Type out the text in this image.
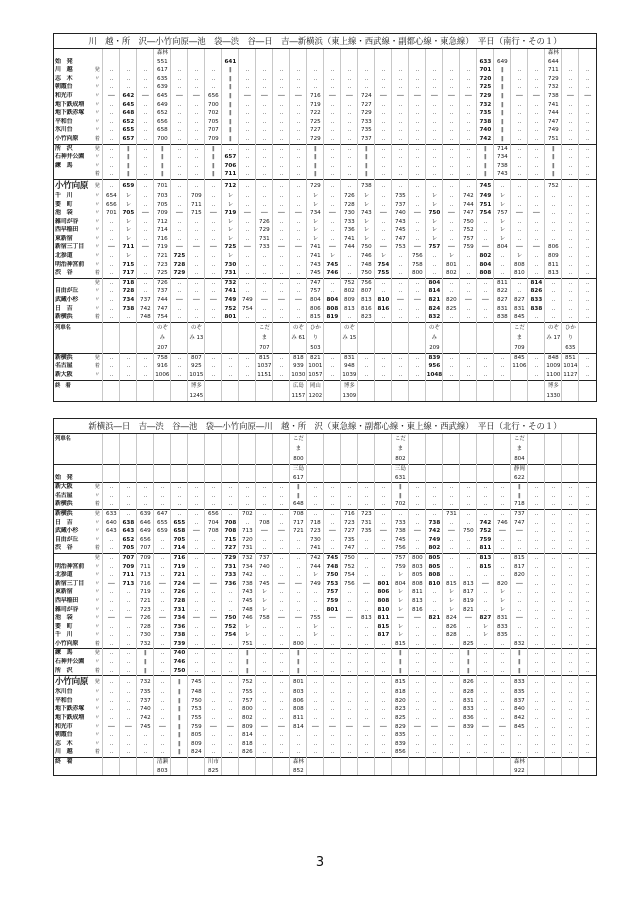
川　越・所　沢―小竹向原―池　袋―渋　谷―日　吉―新横浜（東上線・西武線・副都心線・東急線）　平日（南行・その１）
					森林																							森林		
始　発					551				641															633	649			644		
川　越	発	‥	‥	‥	617	‥	‥	‥	‖	‥	‥	‥	‥	‥	‥	‥	‥	‥	‥	‥	‥	‥	‥	701	‖	‥	‥	711	‥	‥
志　木	〃	‥	‥	‥	635	‥	‥	‥	‖	‥	‥	‥	‥	‥	‥	‥	‥	‥	‥	‥	‥	‥	‥	720	‖	‥	‥	729	‥	‥
朝霞台	〃	‥	‥	‥	639	‥	‥	‥	‖	‥	‥	‥	‥	‥	‥	‥	‥	‥	‥	‥	‥	‥	‥	725	‖	‥	‥	732	‥	‥
和光市	〃	──	642	──	645	──	──	656	‖	──	──	──	──	716	──	──	724	──	──	──	──	──	──	729	‖	──	──	738	──	──
地下鉄成増	〃	‥	645	‥	649	‥	‥	700	‖	‥	‥	‥	‥	719	‥	‥	727	‥	‥	‥	‥	‥	‥	732	‖	‥	‥	741	‥	‥
地下鉄赤塚	〃	‥	648	‥	652	‥	‥	702	‖	‥	‥	‥	‥	722	‥	‥	729	‥	‥	‥	‥	‥	‥	735	‖	‥	‥	744	‥	‥
平和台	〃	‥	652	‥	656	‥	‥	705	‖	‥	‥	‥	‥	725	‥	‥	733	‥	‥	‥	‥	‥	‥	738	‖	‥	‥	747	‥	‥
氷川台	〃	‥	655	‥	658	‥	‥	707	‖	‥	‥	‥	‥	727	‥	‥	735	‥	‥	‥	‥	‥	‥	740	‖	‥	‥	749	‥	‥
小竹向原	着	‥	657	‥	700	‥	‥	709	‖	‥	‥	‥	‥	729	‥	‥	737	‥	‥	‥	‥	‥	‥	742	‖	‥	‥	751	‥	‥
所　沢	発	‥	‖	‥	‖	‥	‥	‖	‥	‥	‥	‥	‥	‖	‥	‥	‖	‥	‥	‥	‥	‥	‥	‖	714	‥	‥	‖	‥	‥
石神井公園	〃	‥	‖	‥	‖	‥	‥	‖	657	‥	‥	‥	‥	‖	‥	‥	‖	‥	‥	‥	‥	‥	‥	‖	734	‥	‥	‖	‥	‥
練　馬	〃	‥	‖	‥	‖	‥	‥	‖	706	‥	‥	‥	‥	‖	‥	‥	‖	‥	‥	‥	‥	‥	‥	‖	738	‥	‥	‖	‥	‥
	着	‥	‖	‥	‖	‥	‥	‖	711	‥	‥	‥	‥	‖	‥	‥	‖	‥	‥	‥	‥	‥	‥	‖	743	‥	‥	‖	‥	‥
小竹向原	発	‥	659	‥	701	‥	‥	‥	712	‥	‥	‥	‥	729	‥	‥	738	‥	‥	‥	‥	‥	‥	745	‥	‥	‥	752	‥	‥
千　川	〃	654	レ	‥	703	‥	709	‥	レ	‥	‥	‥	‥	レ	‥	726	レ	‥	735	‥	レ	‥	742	749	レ	‥	‥	‥	‥	‥
要　町	〃	656	レ	‥	705	‥	711	‥	レ	‥	‥	‥	‥	レ	‥	728	レ	‥	737	‥	レ	‥	744	751	レ	‥	‥	‥	‥	‥
池　袋	〃	701	705	──	709	──	715	──	719	──	──	──	──	734	──	730	743	──	740	──	750	──	747	754	757	──	──	‥	‥	‥
雑司が谷	〃	‥	レ	‥	712	‥	‥	‥	レ	‥	726	‥	‥	レ	‥	733	レ	‥	743	‥	レ	‥	750	‥	レ	‥	‥	‥	‥	‥
西早稲田	〃	‥	レ	‥	714	‥	‥	‥	レ	‥	729	‥	‥	レ	‥	736	レ	‥	745	‥	レ	‥	752	‥	レ	‥	‥	‥	‥	‥
東新宿	〃	‥	レ	‥	716	‥	‥	‥	レ	‥	731	‥	‥	レ	‥	741	レ	‥	747	‥	レ	‥	757	‥	レ	‥	‥	‥	‥	‥
新宿三丁目	〃	──	711	──	719	──	──	──	725	──	733	──	──	741	──	744	750	──	753	──	757	──	759	──	804	──	──	806	‥	‥
北参道	〃	‥	レ	‥	721	725	‥	‥	レ	‥	‥	‥	‥	741	レ	‥	746	レ	‥	756	‥	レ	‥	802	‥	レ	‥	809	‥	‥
明治神宮前	〃	‥	715	‥	723	728	‥	‥	730	‥	‥	‥	‥	743	745	‥	748	754	‥	758	‥	801	‥	804	‥	808	‥	811	‥	‥
渋　谷	着	‥	717	‥	725	729	‥	‥	731	‥	‥	‥	‥	745	746	‥	750	755	‥	800	‥	802	‥	808	‥	810	‥	813	‥	‥
	発	‥	718	‥	726	‥	‥	‥	732	‥	‥	‥	‥	747	‥	752	756	‥	‥	‥	804	‥	‥	‥	811	‥	814	‥	‥	‥
自由が丘	〃	‥	728	‥	737	‥	‥	‥	741	‥	‥	‥	‥	757	‥	802	807	‥	‥	‥	814	‥	‥	‥	822	‥	826	‥	‥	‥
武蔵小杉	〃	‥	734	737	744	──	──	──	749	749	──	──	──	804	804	809	813	810	──	──	821	820	──	──	827	827	833	‥	‥	‥
日　吉	〃	‥	738	742	747	‥	‥	‥	752	754	‥	‥	‥	806	808	813	816	816	‥	‥	824	825	‥	‥	831	831	838	‥	‥	‥
新横浜	着	‥	‥	748	754	‥	‥	‥	801	‥	‥	‥	‥	815	819	‥	823	‥	‥	‥	832	‥	‥	‥	838	845	‥	‥	‥	‥
列車名					のぞみ 207		のぞみ 13				こだま 707		のぞみ 61	ひかり 503		のぞみ 15					のぞみ 209					こだま 709		のぞみ 17	ひかり 635	
新横浜	発	‥	‥	‥	758	‥	807	‥	‥	‥	815	‥	818	821	‥	831	‥	‥	‥	‥	839	‥	‥	‥	‥	845	‥	848	851	‥
名古屋	着	‥	‥	‥	916	‥	925	‥	‥	‥	1037	‥	939	1001	‥	948	‥	‥	‥	‥	956	‥	‥	‥	‥	1106	‥	1009	1014	‥
新大阪	〃	‥	‥	‥	1006	‥	1015	‥	‥	‥	1151	‥	1030	1057	‥	1039	‥	‥	‥	‥	1048	‥	‥	‥	‥		‥	1100	1127	‥
終　着							博多 1245						広島 1157	岡山 1202		博多 1309												博多 1330		
新横浜―日　吉―渋　谷―池　袋―小竹向原―川　越・所　沢（東急線・副都心線・東上線・西武線）　平日（北行・その１）
列車名													こだま 800						こだま 802							こだま 804				
													三島						三島							静岡				
始　発													617						631							622				
新大阪	発	‥	‥	‥	‥	‥	‥	‥	‥	‥	‥	‥	‖	‥	‥	‥	‥	‥	‖	‥	‥	‥	‥	‥	‥	‖	‥	‥	‥	‥
名古屋	〃	‥	‥	‥	‥	‥	‥	‥	‥	‥	‥	‥	‖	‥	‥	‥	‥	‥	‖	‥	‥	‥	‥	‥	‥	‖	‥	‥	‥	‥
新横浜	着	‥	‥	‥	‥	‥	‥	‥	‥	‥	‥	‥	648	‥	‥	‥	‥	‥	702	‥	‥	‥	‥	‥	‥	718	‥	‥	‥	‥
新横浜	発	633	‥	639	647	‥	‥	656	‥	702	‥	‥	708	‥	‥	716	723	‥	‥	‥	‥	731	‥	‥	‥	737	‥	‥	‥	‥
日　吉	〃	640	638	646	655	655	‥	704	708	‥	708	‥	717	718	‥	723	731	‥	733	‥	738	‥	‥	742	746	747	‥	‥	‥	‥
武蔵小杉	〃	643	643	649	659	658	──	708	708	713	──	──	721	723	──	727	735	──	738	──	742	──	750	752	──	──	‥	‥	‥	‥
自由が丘	〃	‥	652	656	‥	705	‥	‥	715	720	‥	‥	‥	730	‥	735	‥	‥	745	‥	749	‥	‥	759	‥	‥	‥	‥	‥	‥
渋　谷	着	‥	705	707	‥	714	‥	‥	727	731	‥	‥	‥	741	‥	747	‥	‥	756	‥	802	‥	‥	811	‥	‥	‥	‥	‥	‥
	発	‥	707	709	‥	716	‥	‥	729	732	737	‥	‥	742	745	750	‥	‥	757	800	805	‥	‥	813	‥	815	‥	‥	‥	‥
明治神宮前	〃	‥	709	711	‥	719	‥	‥	731	734	740	‥	‥	744	748	752	‥	‥	759	803	805	‥	‥	815	‥	817	‥	‥	‥	‥
北参道	〃	‥	711	713	‥	721	‥	‥	733	742	‥	‥	‥	レ	750	754	‥	‥	レ	805	808	‥	‥	‥	‥	820	‥	‥	‥	‥
新宿三丁目	〃	──	713	716	──	724	──	──	736	738	745	──	──	749	753	756	──	801	804	808	810	815	813	──	820	──	‥	‥	‥	‥
東新宿	〃	‥	‥	719	‥	726	‥	‥	‥	743	レ	‥	‥	‥	757	‥	‥	806	レ	811	‥	レ	817	‥	レ	‥	‥	‥	‥	‥
西早稲田	〃	‥	‥	721	‥	728	‥	‥	‥	745	レ	‥	‥	‥	759	‥	‥	808	レ	813	‥	レ	819	‥	レ	‥	‥	‥	‥	‥
雑司が谷	〃	‥	‥	723	‥	731	‥	‥	‥	748	レ	‥	‥	‥	801	‥	‥	810	レ	816	‥	レ	821	‥	レ	‥	‥	‥	‥	‥
池　袋	〃	──	──	726	──	734	──	──	750	746	758	──	──	755	──	──	813	811	──	──	821	824	──	827	831	──	‥	‥	‥	‥
要　町	〃	‥	‥	728	‥	736	‥	‥	752	レ	‥	‥	‥	レ	‥	‥	‥	815	レ	‥	‥	826	‥	レ	833	‥	‥	‥	‥	‥
千　川	〃	‥	‥	730	‥	738	‥	‥	754	レ	‥	‥	‥	レ	‥	‥	‥	817	レ	‥	‥	828	‥	レ	835	‥	‥	‥	‥	‥
小竹向原	着	‥	‥	732	‥	739	‥	‥	‥	751	‥	‥	800	‥	‥	‥	‥	‥	815	‥	‥	‥	825	‥	‥	832	‥	‥	‥	‥
練　馬	発	‥	‥	‖	‥	740	‥	‥	‥	‖	‥	‥	‖	‥	‥	‥	‥	‥	‖	‥	‥	‥	‖	‥	‥	‖	‥	‥	‥	‥
石神井公園	〃	‥	‥	‖	‥	746	‥	‥	‥	‖	‥	‥	‖	‥	‥	‥	‥	‥	‖	‥	‥	‥	‖	‥	‥	‖	‥	‥	‥	‥
所　沢	着	‥	‥	‖	‥	750	‥	‥	‥	‖	‥	‥	‖	‥	‥	‥	‥	‥	‖	‥	‥	‥	‖	‥	‥	‖	‥	‥	‥	‥
小竹向原	発	‥	‥	732	‥	‖	745	‥	‥	752	‥	‥	801	‥	‥	‥	‥	‥	815	‥	‥	‥	826	‥	‥	833	‥	‥	‥	‥
氷川台	〃	‥	‥	735	‥	‖	748	‥	‥	755	‥	‥	803	‥	‥	‥	‥	‥	818	‥	‥	‥	828	‥	‥	835	‥	‥	‥	‥
平和台	〃	‥	‥	737	‥	‖	750	‥	‥	757	‥	‥	806	‥	‥	‥	‥	‥	820	‥	‥	‥	831	‥	‥	837	‥	‥	‥	‥
地下鉄赤塚	〃	‥	‥	740	‥	‖	753	‥	‥	800	‥	‥	808	‥	‥	‥	‥	‥	823	‥	‥	‥	833	‥	‥	840	‥	‥	‥	‥
地下鉄成増	〃	‥	‥	742	‥	‖	755	‥	‥	802	‥	‥	811	‥	‥	‥	‥	‥	825	‥	‥	‥	836	‥	‥	842	‥	‥	‥	‥
和光市	〃	──	──	745	──	‖	759	──	──	809	──	──	814	──	──	──	──	──	829	──	──	──	839	──	──	845	‥	‥	‥	‥
朝霞台	〃	‥	‥	‥	‥	‖	805	‥	‥	814	‥	‥	‥	‥	‥	‥	‥	‥	835	‥	‥	‥	‥	‥	‥	‥	‥	‥	‥	‥
志　木	〃	‥	‥	‥	‥	‖	809	‥	‥	818	‥	‥	‥	‥	‥	‥	‥	‥	839	‥	‥	‥	‥	‥	‥	‥	‥	‥	‥	‥
川　越	着	‥	‥	‥	‥	‖	824	‥	‥	826	‥	‥	‥	‥	‥	‥	‥	‥	856	‥	‥	‥	‥	‥	‥	‥	‥	‥	‥	‥
終　着					清瀬			川市					森林													森林				
					803			825					852													922				
3
